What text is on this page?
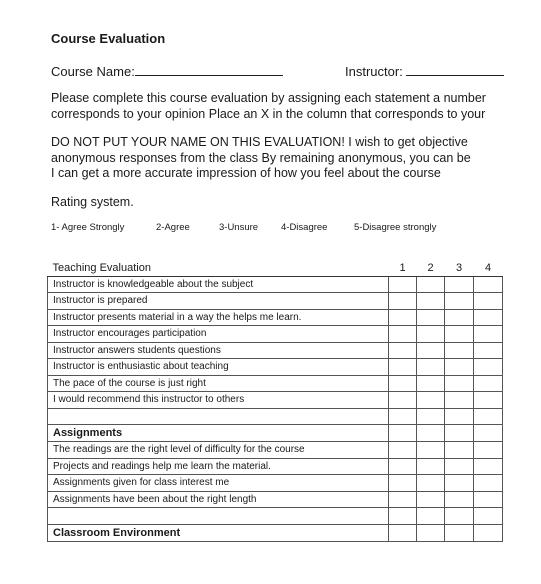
Course Evaluation
Course Name:	Instructor:
Please complete this course evaluation by assigning each statement a number
corresponds to your opinion Place an X in the column that corresponds to your
DO NOT PUT YOUR NAME ON THIS EVALUATION! I wish to get objective
anonymous responses from the class By remaining anonymous, you can be
I can get a more accurate impression of how you feel about the course
Rating system.
1- Agree Strongly	2-Agree	3-Unsure 4-Disagree	5-Disagree strongly
Teaching Evaluation	1	2	3	4
Instructor is knowledgeable about the subject				
Instructor is prepared				
Instructor presents material in a way the helps me learn.				
Instructor encourages participation				
Instructor answers students questions				
Instructor is enthusiastic about teaching				
The pace of the course is just right				
I would recommend this instructor to others				

Assignments				
The readings are the right level of difficulty for the course				
Projects and readings help me learn the material.				
Assignments given for class interest me				
Assignments have been about the right length				

Classroom Environment				
